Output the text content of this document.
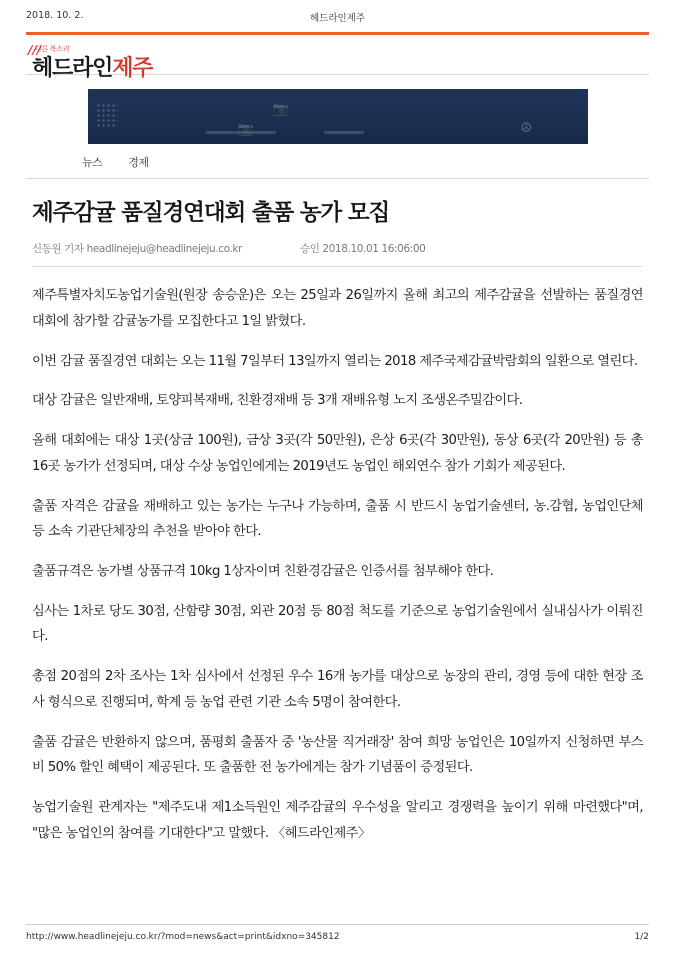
2018. 10. 2.	헤드라인제주
///
다른 목소리
헤드라인제주
📷
📷	☮
뉴스 경제
제주감귤 품질경연대회 출품 농가 모집
신동원 기자 headlinejeju@headlinejeju.co.kr	승인 2018.10.01 16:06:00

제주특별자치도농업기술원(원장 송승운)은 오는 25일과 26일까지 올해 최고의 제주감귤을 선발하는 품질경연 대회에 참가할 감귤농가를 모집한다고 1일 밝혔다.

이번 감귤 품질경연 대회는 오는 11월 7일부터 13일까지 열리는 2018 제주국제감귤박람회의 일환으로 열린다.

대상 감귤은 일반재배, 토양피복재배, 친환경재배 등 3개 재배유형 노지 조생온주밀감이다.

올해 대회에는 대상 1곳(상금 100원), 금상 3곳(각 50만원), 은상 6곳(각 30만원), 동상 6곳(각 20만원) 등 총 16곳 농가가 선정되며, 대상 수상 농업인에게는 2019년도 농업인 해외연수 참가 기회가 제공된다.

출품 자격은 감귤을 재배하고 있는 농가는 누구나 가능하며, 출품 시 반드시 농업기술센터, 농.감협, 농업인단체 등 소속 기관단체장의 추천을 받아야 한다.

출품규격은 농가별 상품규격 10kg 1상자이며 친환경감귤은 인증서를 첨부해야 한다.

심사는 1차로 당도 30점, 산함량 30점, 외관 20점 등 80점 척도를 기준으로 농업기술원에서 실내심사가 이뤄진다.

총점 20점의 2차 조사는 1차 심사에서 선정된 우수 16개 농가를 대상으로 농장의 관리, 경영 등에 대한 현장 조사 형식으로 진행되며, 학계 등 농업 관련 기관 소속 5명이 참여한다.

출품 감귤은 반환하지 않으며, 품평회 출품자 중 '농산물 직거래장' 참여 희망 농업인은 10일까지 신청하면 부스비 50% 할인 혜택이 제공된다. 또 출품한 전 농가에게는 참가 기념품이 증정된다.

농업기술원 관계자는 "제주도내 제1소득원인 제주감귤의 우수성을 알리고 경쟁력을 높이기 위해 마련했다"며, "많은 농업인의 참여를 기대한다"고 말했다. 〈헤드라인제주〉

http://www.headlinejeju.co.kr/?mod=news&act=print&idxno=345812	1/2
